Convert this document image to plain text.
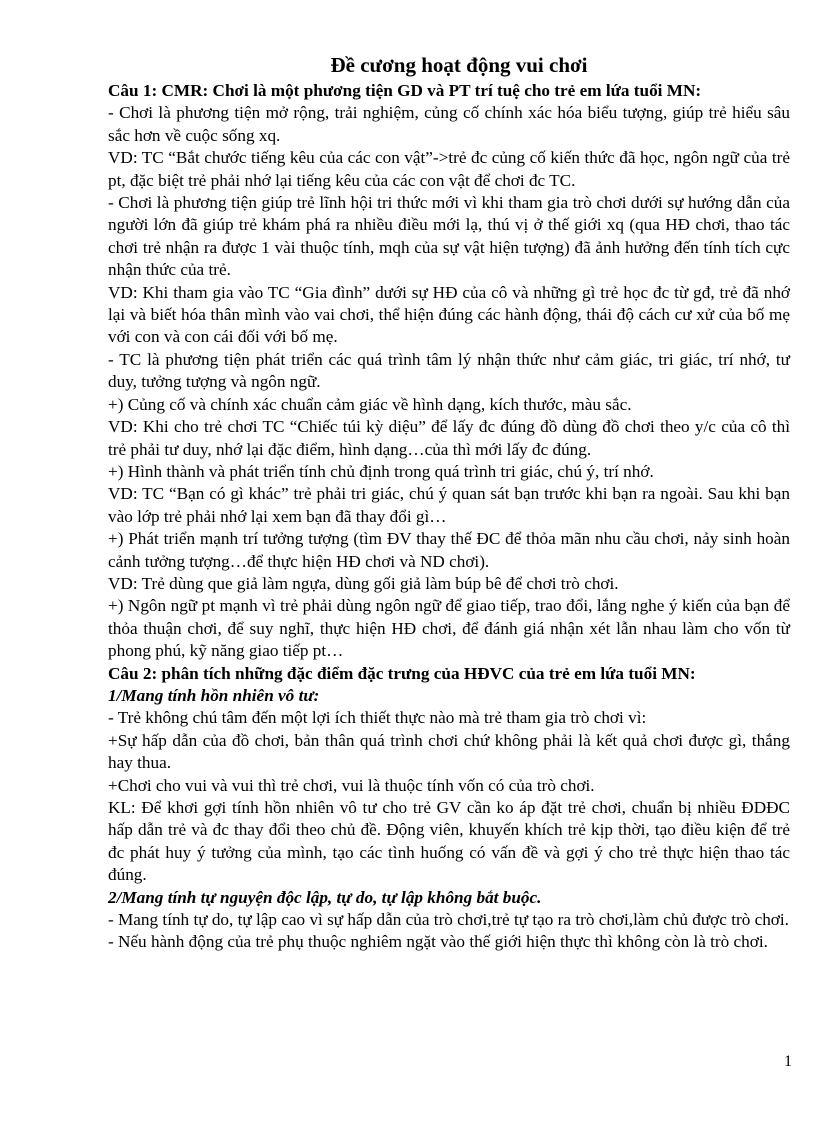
Đề cương hoạt động vui chơi

Câu 1: CMR: Chơi là một phương tiện GD và PT trí tuệ cho trẻ em lứa tuổi MN:

- Chơi là phương tiện mở rộng, trải nghiệm, củng cố chính xác hóa biểu tượng, giúp trẻ hiểu sâu sắc hơn về cuộc sống xq.

VD: TC “Bắt chước tiếng kêu của các con vật”->trẻ đc củng cố kiến thức đã học, ngôn ngữ của trẻ pt, đặc biệt trẻ phải nhớ lại tiếng kêu của các con vật để chơi đc TC.

- Chơi là phương tiện giúp trẻ lĩnh hội tri thức mới vì khi tham gia trò chơi dưới sự hướng dẫn của người lớn đã giúp trẻ khám phá ra nhiều điều mới lạ, thú vị ở thế giới xq (qua HĐ chơi, thao tác chơi trẻ nhận ra được 1 vài thuộc tính, mqh của sự vật hiện tượng) đã ảnh hưởng đến tính tích cực nhận thức của trẻ.

VD: Khi tham gia vào TC “Gia đình” dưới sự HĐ của cô và những gì trẻ học đc từ gđ, trẻ đã nhớ lại và biết hóa thân mình vào vai chơi, thể hiện đúng các hành động, thái độ cách cư xử của bố mẹ với con và con cái đối với bố mẹ.

- TC là phương tiện phát triển các quá trình tâm lý nhận thức như cảm giác, tri giác, trí nhớ, tư duy, tưởng tượng và ngôn ngữ.

+) Củng cố và chính xác chuẩn cảm giác về hình dạng, kích thước, màu sắc.

VD: Khi cho trẻ chơi TC “Chiếc túi kỳ diệu” để lấy đc đúng đồ dùng đồ chơi theo y/c của cô thì trẻ phải tư duy, nhớ lại đặc điểm, hình dạng…của thì mới lấy đc đúng.

+) Hình thành và phát triển tính chủ định trong quá trình tri giác, chú ý, trí nhớ.

VD: TC “Bạn có gì khác” trẻ phải tri giác, chú ý quan sát bạn trước khi bạn ra ngoài. Sau khi bạn vào lớp trẻ phải nhớ lại xem bạn đã thay đổi gì…

+) Phát triển mạnh trí tưởng tượng (tìm ĐV thay thế ĐC để thỏa mãn nhu cầu chơi, nảy sinh hoàn cảnh tưởng tượng…để thực hiện HĐ chơi và ND chơi).

VD: Trẻ dùng que giả làm ngựa, dùng gối giả làm búp bê để chơi trò chơi.

+) Ngôn ngữ pt mạnh vì trẻ phải dùng ngôn ngữ để giao tiếp, trao đổi, lắng nghe ý kiến của bạn để thỏa thuận chơi, để suy nghĩ, thực hiện HĐ chơi, để đánh giá nhận xét lẫn nhau làm cho vốn từ phong phú, kỹ năng giao tiếp pt…

Câu 2: phân tích những đặc điểm đặc trưng của HĐVC của trẻ em lứa tuổi MN:

1/Mang tính hồn nhiên vô tư:

- Trẻ không chú tâm đến một lợi ích thiết thực nào mà trẻ tham gia trò chơi vì:

+Sự hấp dẫn của đồ chơi, bản thân quá trình chơi chứ không phải là kết quả chơi được gì, thắng hay thua.

+Chơi cho vui và vui thì trẻ chơi, vui là thuộc tính vốn có của trò chơi.

KL: Để khơi gợi tính hồn nhiên vô tư cho trẻ GV cần ko áp đặt trẻ chơi, chuẩn bị nhiều ĐDĐC hấp dẫn trẻ và đc thay đổi theo chủ đề. Động viên, khuyến khích trẻ kịp thời, tạo điều kiện để trẻ đc phát huy ý tưởng của mình, tạo các tình huống có vấn đề và gợi ý cho trẻ thực hiện thao tác đúng.

2/Mang tính tự nguyện độc lập, tự do, tự lập không bắt buộc.

- Mang tính tự do, tự lập cao vì sự hấp dẫn của trò chơi,trẻ tự tạo ra trò chơi,làm chủ được trò chơi.

- Nếu hành động của trẻ phụ thuộc nghiêm ngặt vào thế giới hiện thực thì không còn là trò chơi.

1
